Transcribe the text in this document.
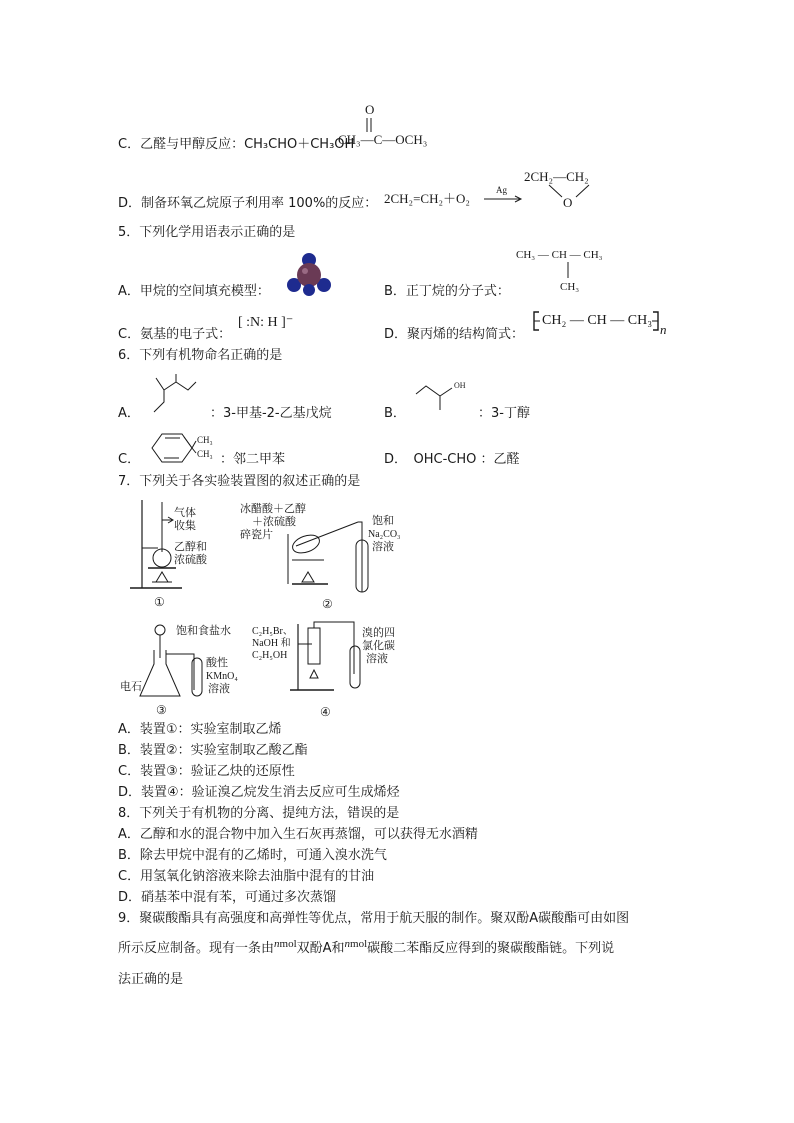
C．乙醛与甲醇反应：CH₃CHO＋CH₃OH
O
CH₃—C—OCH₃
D．制备环氧乙烷原子利用率 100%的反应： 2CH₂=CH₂＋O₂
Ag
2CH₂—CH₂
O
5．下列化学用语表示正确的是
A．甲烷的空间填充模型：	B．正丁烷的分子式：
CH₃ — CH — CH₃
CH₃
C．氨基的电子式：
[ :N: H ]⁻
D．聚丙烯的结构简式：
CH₂ — CH — CH₃
n
6．下列有机物命名正确的是
A．	：3-甲基-2-乙基戊烷	B．
OH
：3-丁醇
C．
CH₃
CH₃ ：邻二甲苯	D．　OHC-CHO ：乙醛
7．下列关于各实验装置图的叙述正确的是
气体
收集
乙醇和
浓硫酸
①
冰醋酸＋乙醇
＋浓硫酸
碎瓷片
饱和
Na₂CO₃
溶液
②
饱和食盐水
酸性
KMnO₄
溶液
电石
③
C₂H₅Br、
NaOH 和
C₂H₅OH
溴的四
氯化碳
溶液
④
A．装置①：实验室制取乙烯
B．装置②：实验室制取乙酸乙酯
C．装置③：验证乙炔的还原性
D．装置④：验证溴乙烷发生消去反应可生成烯烃
8．下列关于有机物的分离、提纯方法，错误的是
A．乙醇和水的混合物中加入生石灰再蒸馏，可以获得无水酒精
B．除去甲烷中混有的乙烯时，可通入溴水洗气
C．用氢氧化钠溶液来除去油脂中混有的甘油
D．硝基苯中混有苯，可通过多次蒸馏
9．聚碳酸酯具有高强度和高弹性等优点，常用于航天服的制作。聚双酚A碳酸酯可由如图
所示反应制备。现有一条由$^{nmol}$双酚A和$^{nmol}$碳酸二苯酯反应得到的聚碳酸酯链。下列说
法正确的是
